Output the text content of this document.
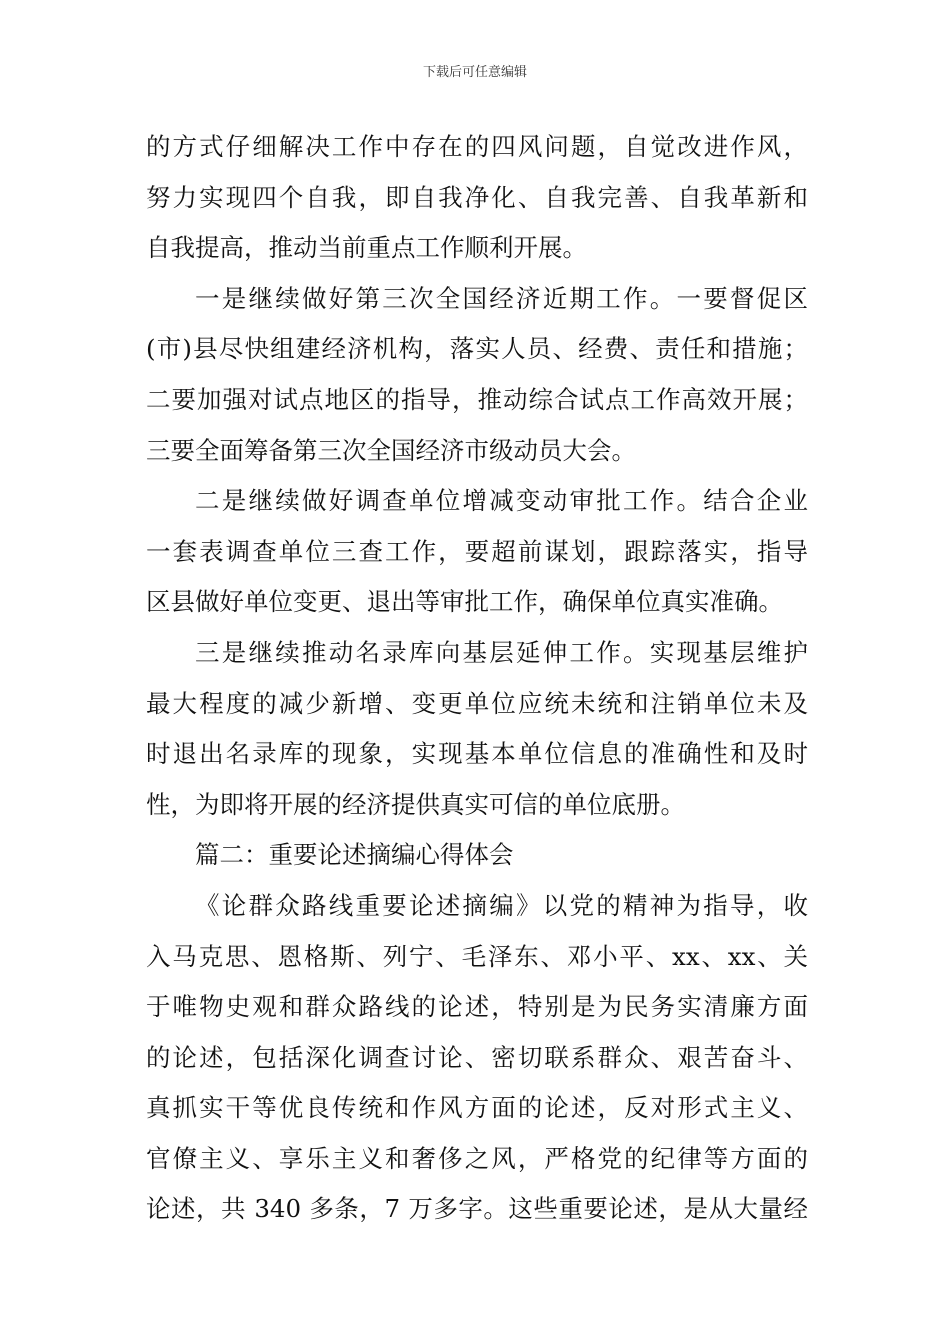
下载后可任意编辑
的方式仔细解决工作中存在的四风问题，自觉改进作风，
努力实现四个自我，即自我净化、自我完善、自我革新和
自我提高，推动当前重点工作顺利开展。
一是继续做好第三次全国经济近期工作。一要督促区
(市)县尽快组建经济机构，落实人员、经费、责任和措施；
二要加强对试点地区的指导，推动综合试点工作高效开展；
三要全面筹备第三次全国经济市级动员大会。
二是继续做好调查单位增减变动审批工作。结合企业
一套表调查单位三查工作，要超前谋划，跟踪落实，指导
区县做好单位变更、退出等审批工作，确保单位真实准确。
三是继续推动名录库向基层延伸工作。实现基层维护
最大程度的减少新增、变更单位应统未统和注销单位未及
时退出名录库的现象，实现基本单位信息的准确性和及时
性，为即将开展的经济提供真实可信的单位底册。
篇二：重要论述摘编心得体会
《论群众路线重要论述摘编》以党的精神为指导，收
入马克思、恩格斯、列宁、毛泽东、邓小平、xx、xx、关
于唯物史观和群众路线的论述，特别是为民务实清廉方面
的论述，包括深化调查讨论、密切联系群众、艰苦奋斗、
真抓实干等优良传统和作风方面的论述，反对形式主义、
官僚主义、享乐主义和奢侈之风，严格党的纪律等方面的
论述，共 340 多条，7 万多字。这些重要论述，是从大量经
